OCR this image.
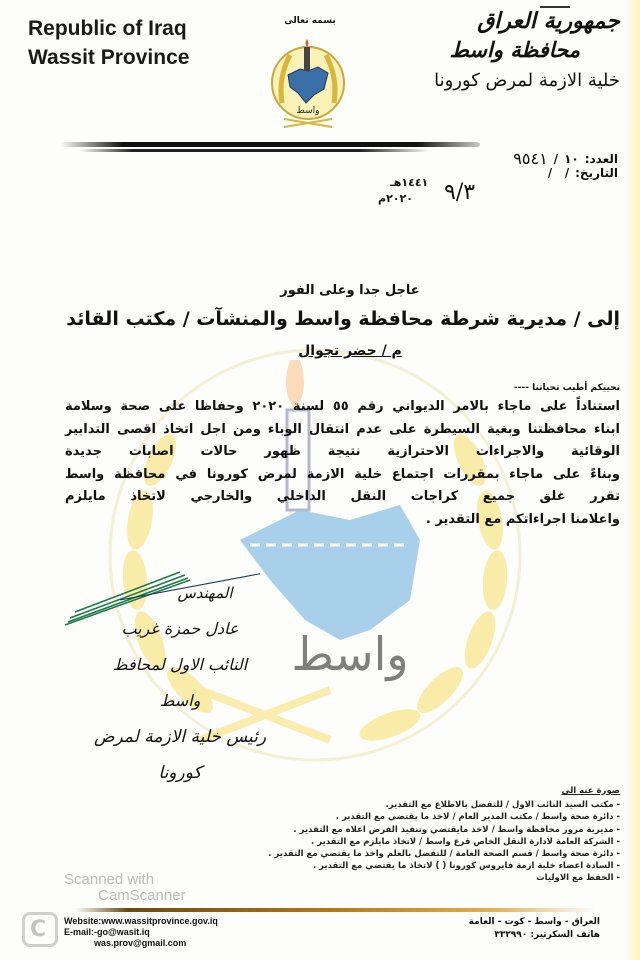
Republic of Iraq
Wassit Province
بسمه تعالى
واسط
جمهورية العراق
محافظة واسط
خلية الازمة لمرض كورونا
العدد:
١٠
/
٩٥٤١
التاريخ:
/   /
٩/٣
١٤٤١هـ
٢٠٢٠م
واسط
عاجل جدا وعلى الفور
إلى / مديرية شرطة محافظة واسط والمنشآت / مكتب القائد
م / حضر تجوال
نحييكم أطيب تحياتنا ----

استناداً على ماجاء بالامر الديواني رقم ٥٥ لسنة ٢٠٢٠ وحفاظا على صحة وسلامة

ابناء محافظتنا وبغية السيطرة على عدم انتقال الوباء ومن اجل اتخاذ اقصى التدابير

الوقائية والاجراءات الاحترازية نتيجة ظهور حالات اصابات جديدة

وبناءً على ماجاء بمقررات اجتماع خلية الازمة لمرض كورونا في محافظة واسط

تقرر غلق جميع كراجات النقل الداخلي والخارجي لاتخاذ مايلزم

واعلامنا اجراءاتكم مع التقدير .

المهندس
عادل حمزة غريب
النائب الاول لمحافظ واسط
رئيس خلية الازمة لمرض كورونا
صورة عنه الى
- مكتب السيد النائب الاول / للتفضل بالاطلاع مع التقدير.
- دائرة صحة واسط / مكتب المدير العام / لاخذ ما يقتضي مع التقدير .
- مديرية مرور محافظة واسط / لاخذ مايقتضي وتنفيذ الفرض اعلاه مع التقدير .
- الشركة العامة لادارة النقل الخاص فرع واسط / لاتخاذ مايلزم مع التقدير .
- دائرة صحة واسط / قسم الصحة العامة / للتفضل بالعلم واخذ ما يقتضي مع التقدير .
- السادة اعضاء خلية ازمة فايروس كورونا ( ) لاتخاذ ما يقتضي مع التقدير .
- الحفظ مع الاوليات
Scanned with
CamScanner
C Website:www.wassitprovince.gov.iq
E-mail:-go@wasit.iq
was.prov@gmail.com
العراق - واسط - كوت - العامة
هاتف السكرتير: ٣٣٢٩٩٠
